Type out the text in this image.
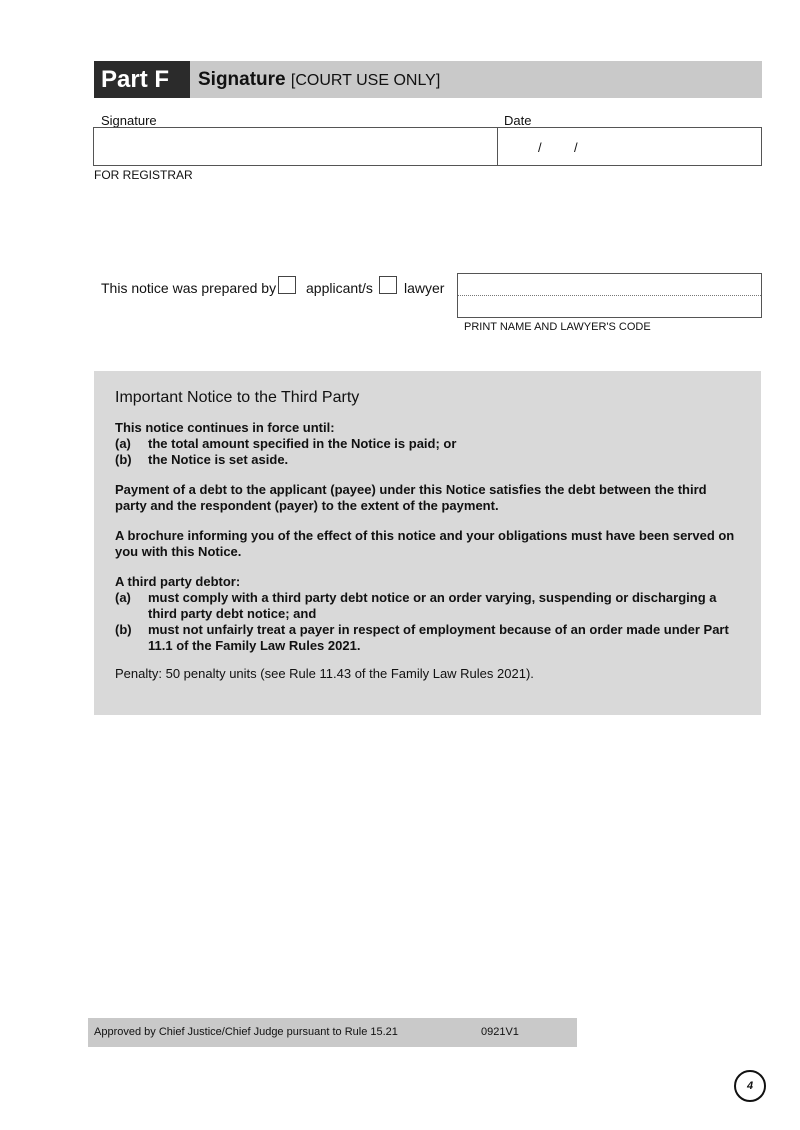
Part F	Signature [COURT USE ONLY]
Signature	Date
/ /
FOR REGISTRAR
This notice was prepared by applicant/s lawyer
PRINT NAME AND LAWYER'S CODE
Important Notice to the Third Party

This notice continues in force until:

(a)	the total amount specified in the Notice is paid; or
(b)	the Notice is set aside.

Payment of a debt to the applicant (payee) under this Notice satisfies the debt between the third party and the respondent (payer) to the extent of the payment.

A brochure informing you of the effect of this notice and your obligations must have been served on you with this Notice.

A third party debtor:

(a)	must comply with a third party debt notice or an order varying, suspending or discharging a third party debt notice; and
(b)	must not unfairly treat a payer in respect of employment because of an order made under Part 11.1 of the Family Law Rules 2021.

Penalty: 50 penalty units (see Rule 11.43 of the Family Law Rules 2021).

Approved by Chief Justice/Chief Judge pursuant to Rule 15.21	0921V1
4
